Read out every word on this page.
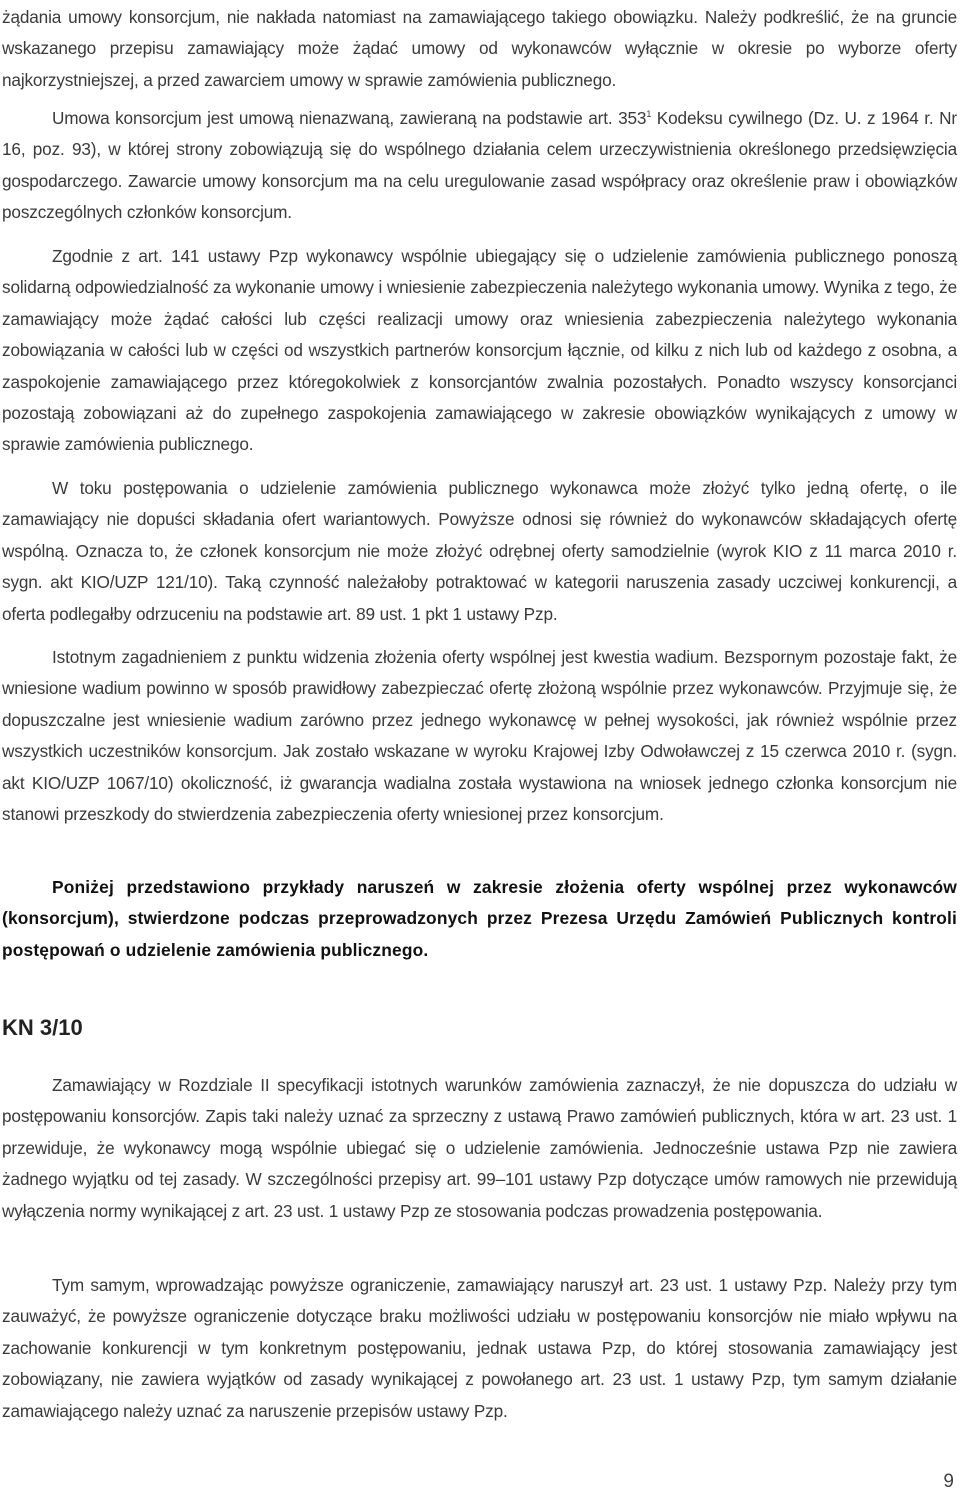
żądania umowy konsorcjum, nie nakłada natomiast na zamawiającego takiego obowiązku. Należy podkreślić, że na gruncie wskazanego przepisu zamawiający może żądać umowy od wykonawców wyłącznie w okresie po wyborze oferty najkorzystniejszej, a przed zawarciem umowy w sprawie zamówienia publicznego.

Umowa konsorcjum jest umową nienazwaną, zawieraną na podstawie art. $353^1$ Kodeksu cywilnego (Dz. U. z 1964 r. Nr 16, poz. 93), w której strony zobowiązują się do wspólnego działania celem urzeczywistnienia określonego przedsięwzięcia gospodarczego. Zawarcie umowy konsorcjum ma na celu uregulowanie zasad współpracy oraz określenie praw i obowiązków poszczególnych członków konsorcjum.

Zgodnie z art. 141 ustawy Pzp wykonawcy wspólnie ubiegający się o udzielenie zamówienia publicznego ponoszą solidarną odpowiedzialność za wykonanie umowy i wniesienie zabezpieczenia należytego wykonania umowy. Wynika z tego, że zamawiający może żądać całości lub części realizacji umowy oraz wniesienia zabezpieczenia należytego wykonania zobowiązania w całości lub w części od wszystkich partnerów konsorcjum łącznie, od kilku z nich lub od każdego z osobna, a zaspokojenie zamawiającego przez któregokolwiek z konsorcjantów zwalnia pozostałych. Ponadto wszyscy konsorcjanci pozostają zobowiązani aż do zupełnego zaspokojenia zamawiającego w zakresie obowiązków wynikających z umowy w sprawie zamówienia publicznego.

W toku postępowania o udzielenie zamówienia publicznego wykonawca może złożyć tylko jedną ofertę, o ile zamawiający nie dopuści składania ofert wariantowych. Powyższe odnosi się również do wykonawców składających ofertę wspólną. Oznacza to, że członek konsorcjum nie może złożyć odrębnej oferty samodzielnie (wyrok KIO z 11 marca 2010 r. sygn. akt KIO/UZP 121/10). Taką czynność należałoby potraktować w kategorii naruszenia zasady uczciwej konkurencji, a oferta podlegałby odrzuceniu na podstawie art. 89 ust. 1 pkt 1 ustawy Pzp.

Istotnym zagadnieniem z punktu widzenia złożenia oferty wspólnej jest kwestia wadium. Bezspornym pozostaje fakt, że wniesione wadium powinno w sposób prawidłowy zabezpieczać ofertę złożoną wspólnie przez wykonawców. Przyjmuje się, że dopuszczalne jest wniesienie wadium zarówno przez jednego wykonawcę w pełnej wysokości, jak również wspólnie przez wszystkich uczestników konsorcjum. Jak zostało wskazane w wyroku Krajowej Izby Odwoławczej z 15 czerwca 2010 r. (sygn. akt KIO/UZP 1067/10) okoliczność, iż gwarancja wadialna została wystawiona na wniosek jednego członka konsorcjum nie stanowi przeszkody do stwierdzenia zabezpieczenia oferty wniesionej przez konsorcjum.

Poniżej przedstawiono przykłady naruszeń w zakresie złożenia oferty wspólnej przez wykonawców (konsorcjum), stwierdzone podczas przeprowadzonych przez Prezesa Urzędu Zamówień Publicznych kontroli postępowań o udzielenie zamówienia publicznego.

KN 3/10

Zamawiający w Rozdziale II specyfikacji istotnych warunków zamówienia zaznaczył, że nie dopuszcza do udziału w postępowaniu konsorcjów. Zapis taki należy uznać za sprzeczny z ustawą Prawo zamówień publicznych, która w art. 23 ust. 1 przewiduje, że wykonawcy mogą wspólnie ubiegać się o udzielenie zamówienia. Jednocześnie ustawa Pzp nie zawiera żadnego wyjątku od tej zasady. W szczególności przepisy art. 99–101 ustawy Pzp dotyczące umów ramowych nie przewidują wyłączenia normy wynikającej z art. 23 ust. 1 ustawy Pzp ze stosowania podczas prowadzenia postępowania.

Tym samym, wprowadzając powyższe ograniczenie, zamawiający naruszył art. 23 ust. 1 ustawy Pzp. Należy przy tym zauważyć, że powyższe ograniczenie dotyczące braku możliwości udziału w postępowaniu konsorcjów nie miało wpływu na zachowanie konkurencji w tym konkretnym postępowaniu, jednak ustawa Pzp, do której stosowania zamawiający jest zobowiązany, nie zawiera wyjątków od zasady wynikającej z powołanego art. 23 ust. 1 ustawy Pzp, tym samym działanie zamawiającego należy uznać za naruszenie przepisów ustawy Pzp.

9
